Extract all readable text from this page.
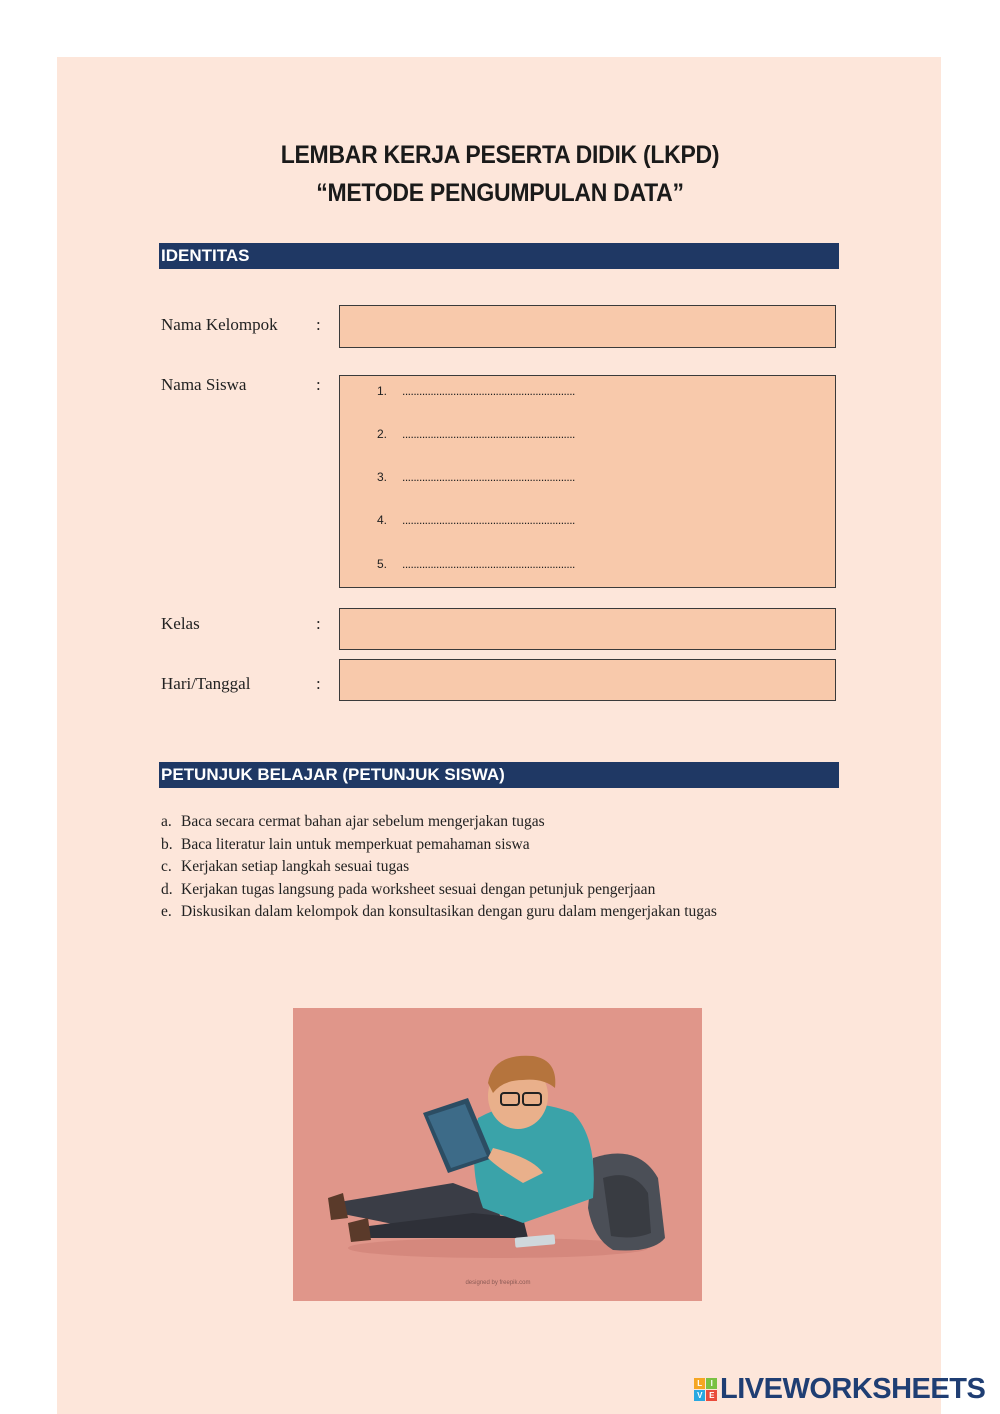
LEMBAR KERJA PESERTA DIDIK (LKPD)
“METODE PENGUMPULAN DATA”
IDENTITAS
Nama Kelompok :
Nama Siswa	:	1. .............................................................
2. .............................................................
3. .............................................................
4. .............................................................
5. .............................................................
Kelas	:
Hari/Tanggal	:
PETUNJUK BELAJAR (PETUNJUK SISWA)
a. Baca secara cermat bahan ajar sebelum mengerjakan tugas
b. Baca literatur lain untuk memperkuat pemahaman siswa
c. Kerjakan setiap langkah sesuai tugas
d. Kerjakan tugas langsung pada worksheet sesuai dengan petunjuk pengerjaan
e. Diskusikan dalam kelompok dan konsultasikan dengan guru dalam mengerjakan tugas
designed by freepik.com
L	I
V E LIVEWORKSHEETS
